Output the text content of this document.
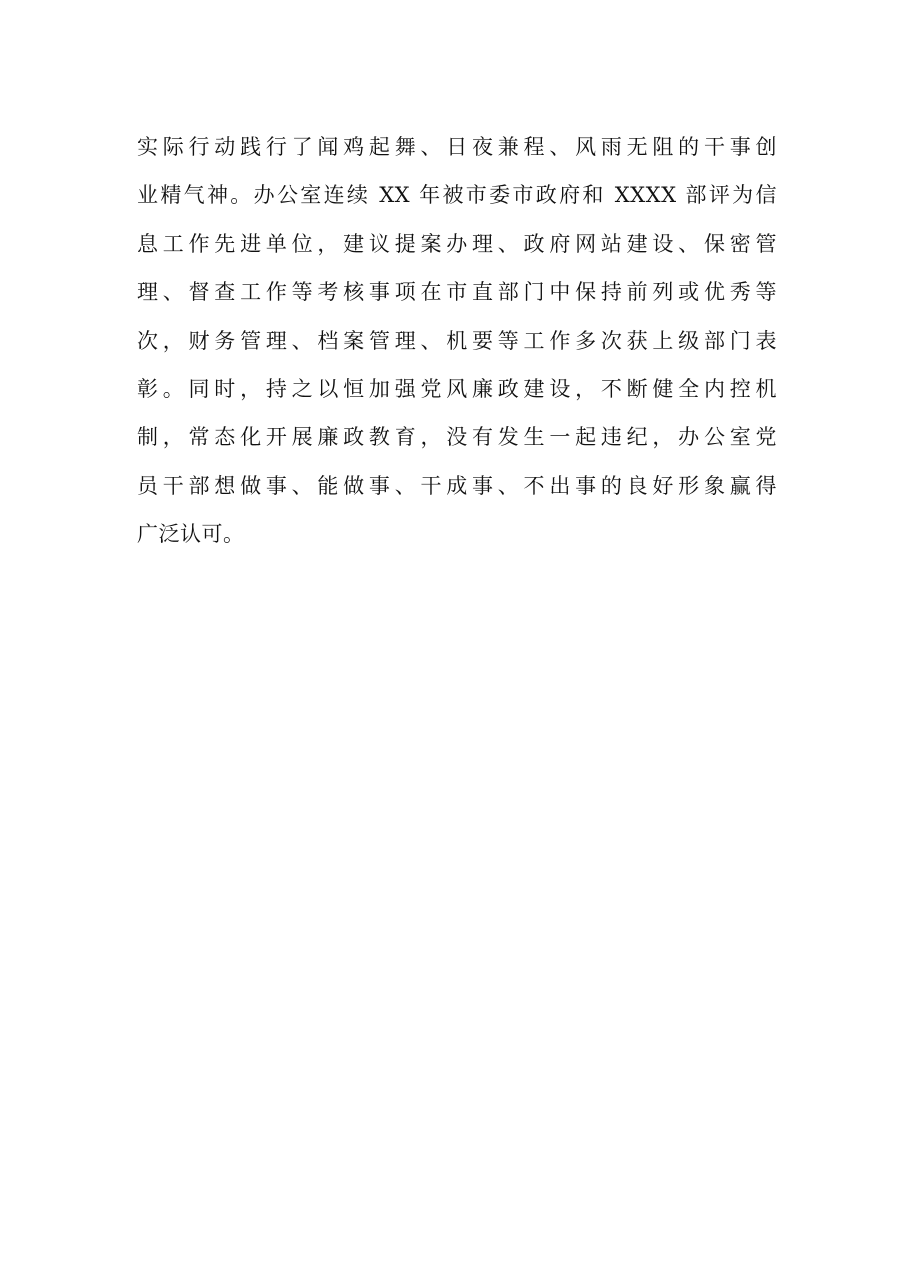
实际行动践行了闻鸡起舞、日夜兼程、风雨无阻的干事创
业精气神。办公室连续 XX 年被市委市政府和 XXXX 部评为信
息工作先进单位，建议提案办理、政府网站建设、保密管
理、督查工作等考核事项在市直部门中保持前列或优秀等
次，财务管理、档案管理、机要等工作多次获上级部门表
彰。同时，持之以恒加强党风廉政建设，不断健全内控机
制，常态化开展廉政教育，没有发生一起违纪，办公室党
员干部想做事、能做事、干成事、不出事的良好形象赢得
广泛认可。
